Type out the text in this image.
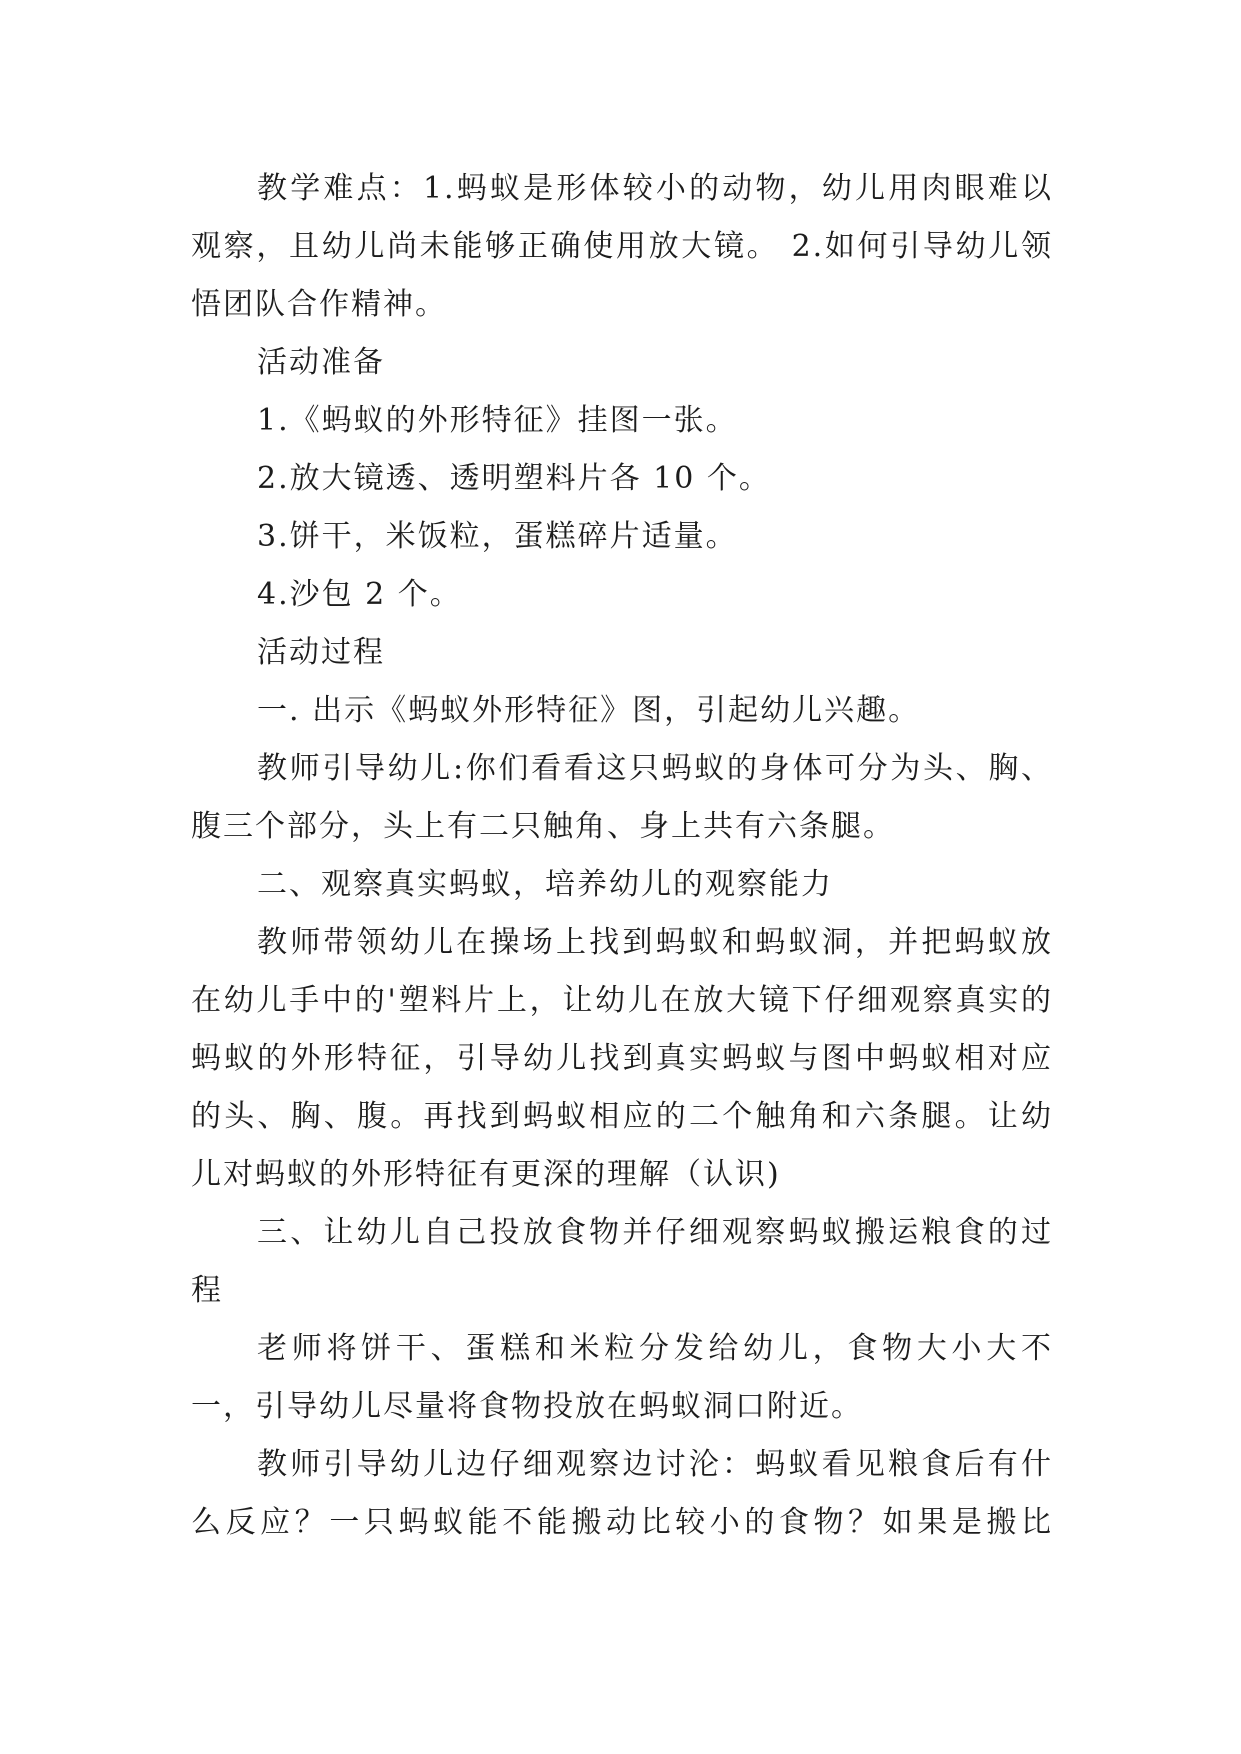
教学难点：1.蚂蚁是形体较小的动物，幼儿用肉眼难以观察，且幼儿尚未能够正确使用放大镜。 2.如何引导幼儿领悟团队合作精神。

活动准备

1.《蚂蚁的外形特征》挂图一张。

2.放大镜透、透明塑料片各 10 个。

3.饼干，米饭粒，蛋糕碎片适量。

4.沙包 2 个。

活动过程

一. 出示《蚂蚁外形特征》图，引起幼儿兴趣。

教师引导幼儿:你们看看这只蚂蚁的身体可分为头、胸、腹三个部分，头上有二只触角、身上共有六条腿。

二、观察真实蚂蚁，培养幼儿的观察能力

教师带领幼儿在操场上找到蚂蚁和蚂蚁洞，并把蚂蚁放在幼儿手中的'塑料片上，让幼儿在放大镜下仔细观察真实的蚂蚁的外形特征，引导幼儿找到真实蚂蚁与图中蚂蚁相对应的头、胸、腹。再找到蚂蚁相应的二个触角和六条腿。让幼儿对蚂蚁的外形特征有更深的理解（认识)

三、让幼儿自己投放食物并仔细观察蚂蚁搬运粮食的过程

老师将饼干、蛋糕和米粒分发给幼儿，食物大小大不一，引导幼儿尽量将食物投放在蚂蚁洞口附近。

教师引导幼儿边仔细观察边讨沦：蚂蚁看见粮食后有什么反应？一只蚂蚁能不能搬动比较小的食物？如果是搬比
